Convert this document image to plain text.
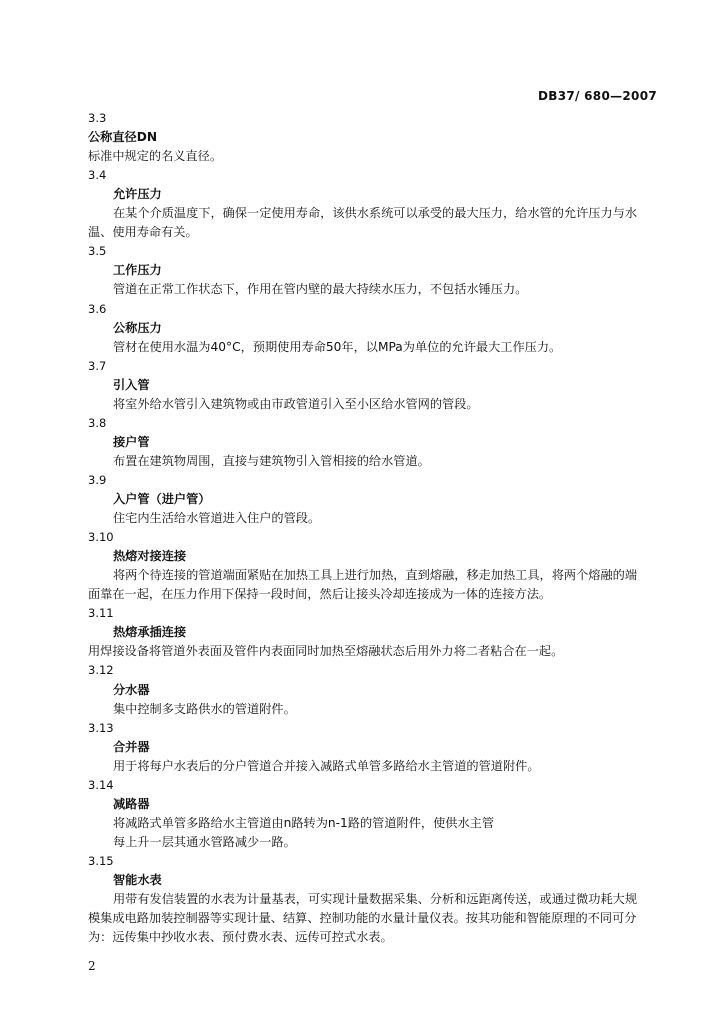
DB37/ 680—2007
3.3
公称直径DN
标准中规定的名义直径。
3.4
允许压力
在某个介质温度下，确保一定使用寿命，该供水系统可以承受的最大压力，给水管的允许压力与水
温、使用寿命有关。
3.5
工作压力
管道在正常工作状态下，作用在管内壁的最大持续水压力，不包括水锤压力。
3.6
公称压力
管材在使用水温为40°C，预期使用寿命50年，以MPa为单位的允许最大工作压力。
3.7
引入管
将室外给水管引入建筑物或由市政管道引入至小区给水管网的管段。
3.8
接户管
布置在建筑物周围，直接与建筑物引入管相接的给水管道。
3.9
入户管（进户管）
住宅内生活给水管道进入住户的管段。
3.10
热熔对接连接
将两个待连接的管道端面紧贴在加热工具上进行加热，直到熔融，移走加热工具，将两个熔融的端
面靠在一起，在压力作用下保持一段时间，然后让接头冷却连接成为一体的连接方法。
3.11
热熔承插连接
用焊接设备将管道外表面及管件内表面同时加热至熔融状态后用外力将二者粘合在一起。
3.12
分水器
集中控制多支路供水的管道附件。
3.13
合并器
用于将每户水表后的分户管道合并接入减路式单管多路给水主管道的管道附件。
3.14
减路器
将减路式单管多路给水主管道由n路转为n-1路的管道附件，使供水主管
每上升一层其通水管路减少一路。
3.15
智能水表
用带有发信装置的水表为计量基表，可实现计量数据采集、分析和远距离传送，或通过微功耗大规
模集成电路加装控制器等实现计量、结算、控制功能的水量计量仪表。按其功能和智能原理的不同可分
为：远传集中抄收水表、预付费水表、远传可控式水表。
2
